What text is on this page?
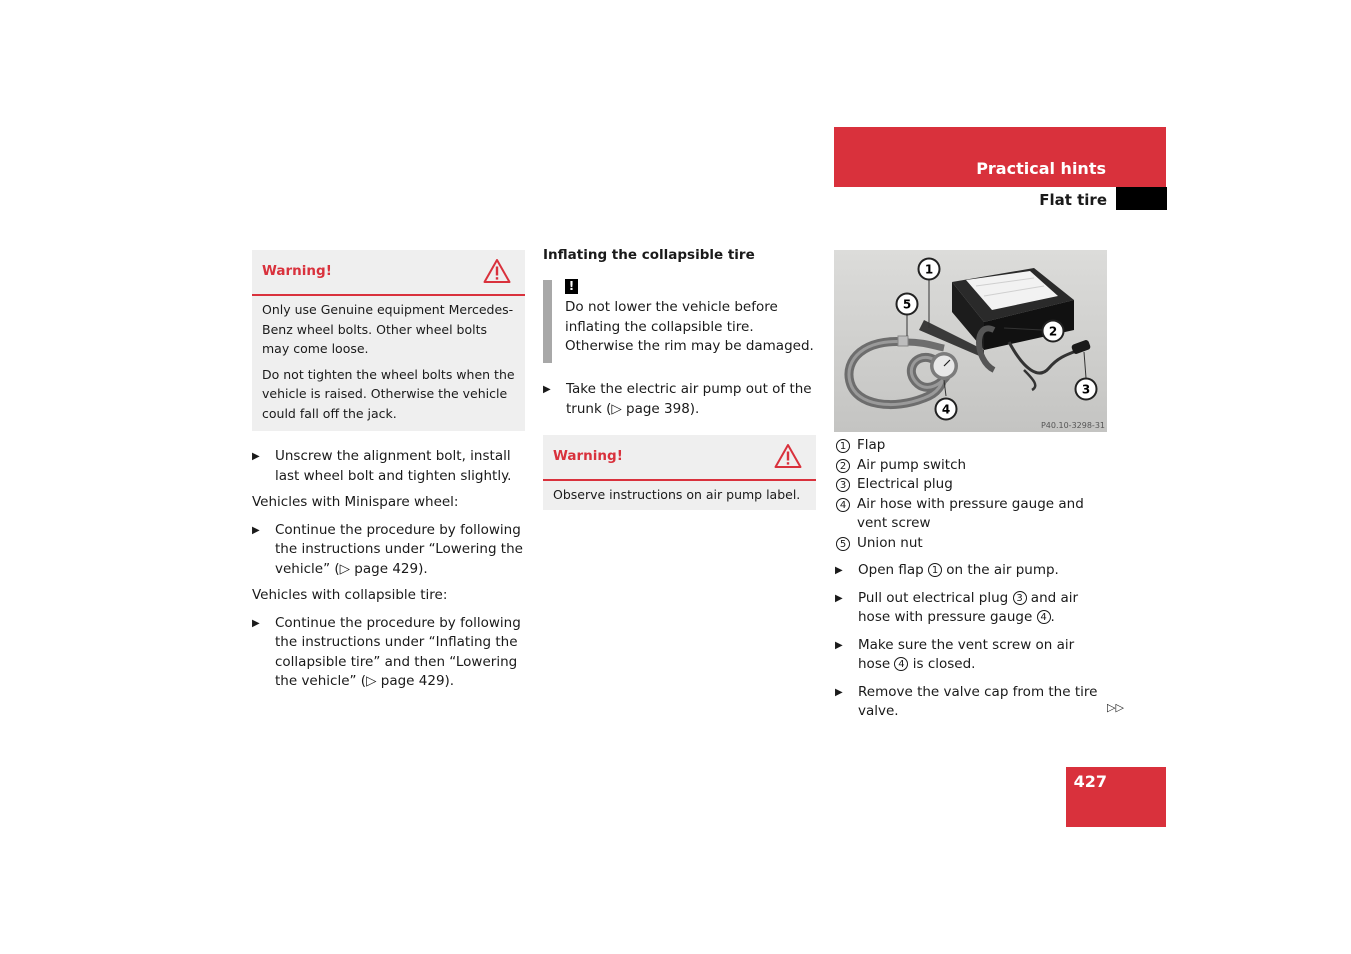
Practical hints
Flat tire
Warning!

Only use Genuine equipment Mercedes-Benz wheel bolts. Other wheel bolts may come loose.

Do not tighten the wheel bolts when the vehicle is raised. Otherwise the vehicle could fall off the jack.

▶ Unscrew the alignment bolt, install last wheel bolt and tighten slightly.

Vehicles with Minispare wheel:

▶ Continue the procedure by following the instructions under “Lowering the vehicle” (▷ page 429).

Vehicles with collapsible tire:

▶ Continue the procedure by following the instructions under “Inflating the collapsible tire” and then “Lowering the vehicle” (▷ page 429).
Inflating the collapsible tire
!

Do not lower the vehicle before inflating the collapsible tire. Otherwise the rim may be damaged.

▶ Take the electric air pump out of the trunk (▷ page 398).
Warning!

Observe instructions on air pump label.

1
2
3
4
5
P40.10-3298-31
1 Flap
2 Air pump switch
3 Electrical plug
4 Air hose with pressure gauge and vent screw
5 Union nut
▶ Open flap 1 on the air pump.
▶ Pull out electrical plug 3 and air hose with pressure gauge 4 .
▶ Make sure the vent screw on air hose 4 is closed.
▶ Remove the valve cap from the tire valve.	▷▷
427
